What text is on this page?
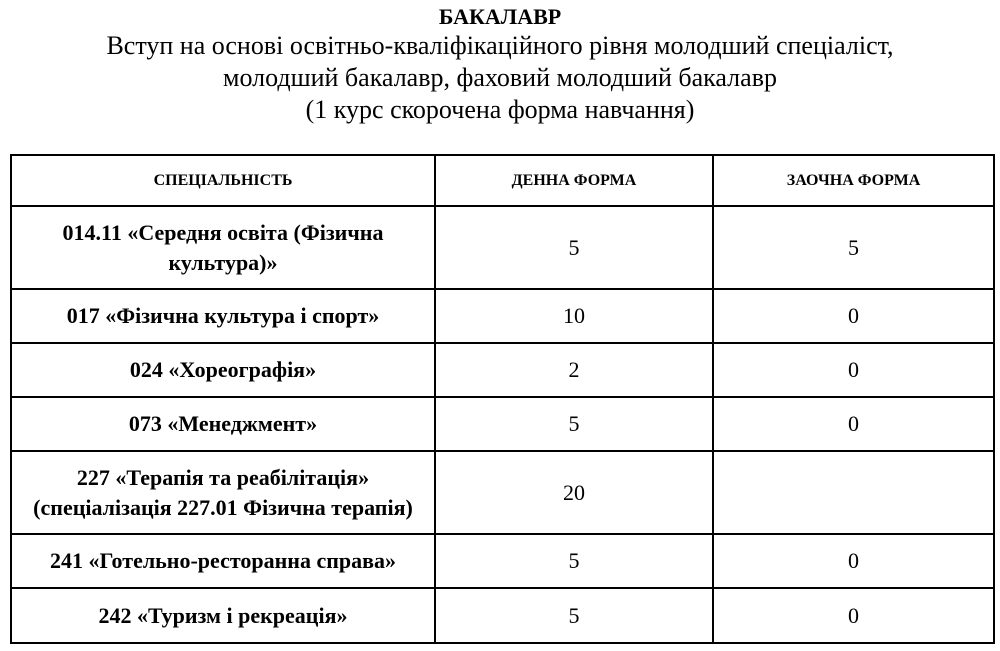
БАКАЛАВР
Вступ на основі освітньо-кваліфікаційного рівня молодший спеціаліст,
молодший бакалавр, фаховий молодший бакалавр
(1 курс скорочена форма навчання)
СПЕЦІАЛЬНІСТЬ	ДЕННА ФОРМА	ЗАОЧНА ФОРМА

014.11 «Середня освіта (Фізична
культура)»	5	5

017 «Фізична культура і спорт»	10	0

024 «Хореографія»	2	0

073 «Менеджмент»	5	0

227 «Терапія та реабілітація»
(спеціалізація 227.01 Фізична терапія)	20	

241 «Готельно-ресторанна справа»	5	0

242 «Туризм і рекреація»	5	0
